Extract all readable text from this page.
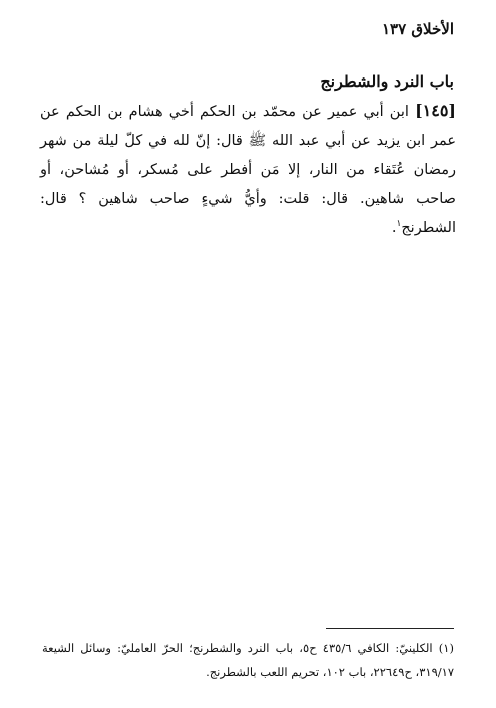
الأخلاق ١٣٧
باب النرد والشطرنج
[١٤٥] ابن أبي عمير عن محمّد بن الحكم أخي هشام بن الحكم عن عمر ابن يزيد عن أبي عبد الله ﷺ قال: إنّ لله في كلّ ليلة من شهر رمضان عُتَقاء من النار، إلا مَن أفطر على مُسكر، أو مُشاحن، أو صاحب شاهين. قال: قلت: وأيُّ شيءٍ صاحب شاهين ؟ قال: الشطرنج$^١$.
(١) الكلينيّ: الكافي ٤٣٥/٦ ح٥، باب النرد والشطرنج؛ الحرّ العامليّ: وسائل الشيعة ٣١٩/١٧، ح٢٢٦٤٩، باب ١٠٢، تحريم اللعب بالشطرنج.
